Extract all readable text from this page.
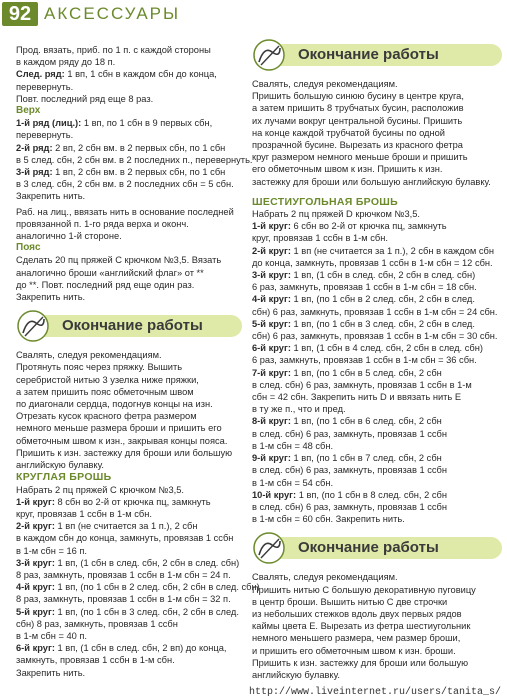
92 АКСЕССУАРЫ

Прод. вязать, приб. по 1 п. с каждой стороны

в каждом ряду до 18 п.

След. ряд: 1 вп, 1 сбн в каждом сбн до конца,

перевернуть.

Повт. последний ряд еще 8 раз.

Верх

1-й ряд (лиц.): 1 вп, по 1 сбн в 9 первых сбн,

перевернуть.

2-й ряд: 2 вп, 2 сбн вм. в 2 первых сбн, по 1 сбн

в 5 след. сбн, 2 сбн вм. в 2 последних п., перевернуть.

3-й ряд: 1 вп, 2 сбн вм. в 2 первых сбн, по 1 сбн

в 3 след. сбн, 2 сбн вм. в 2 последних сбн = 5 сбн.

Закрепить нить.

Раб. на лиц., ввязать нить в основание последней

провязанной п. 1-го ряда верха и оконч.

аналогично 1-й стороне.

Пояс

Сделать 20 пц пряжей С крючком №3,5. Вязать

аналогично броши «английский флаг» от **

до **. Повт. последний ряд еще один раз.

Закрепить нить.

Окончание работы

Свалять, следуя рекомендациям.

Протянуть пояс через пряжку. Вышить

серебристой нитью 3 узелка ниже пряжки,

а затем пришить пояс обметочным швом

по диагонали сердца, подогнув концы на изн.

Отрезать кусок красного фетра размером

немного меньше размера броши и пришить его

обметочным швом к изн., закрывая концы пояса.

Пришить к изн. застежку для броши или большую

английскую булавку.

КРУГЛАЯ БРОШЬ

Набрать 2 пц пряжей С крючком №3,5.

1-й круг: 8 сбн во 2-й от крючка пц, замкнуть

круг, провязав 1 ссбн в 1-м сбн.

2-й круг: 1 вп (не считается за 1 п.), 2 сбн

в каждом сбн до конца, замкнуть, провязав 1 ссбн

в 1-м сбн = 16 п.

3-й круг: 1 вп, (1 сбн в след. сбн, 2 сбн в след. сбн)

8 раз, замкнуть, провязав 1 ссбн в 1-м сбн = 24 п.

4-й круг: 1 вп, (по 1 сбн в 2 след. сбн, 2 сбн в след. сбн)

8 раз, замкнуть, провязав 1 ссбн в 1-м сбн = 32 п.

5-й круг: 1 вп, (по 1 сбн в 3 след. сбн, 2 сбн в след.

сбн) 8 раз, замкнуть, провязав 1 ссбн

в 1-м сбн = 40 п.

6-й круг: 1 вп, (1 сбн в след. сбн, 2 вп) до конца,

замкнуть, провязав 1 ссбн в 1-м сбн.

Закрепить нить.

Окончание работы

Свалять, следуя рекомендациям.

Пришить большую синюю бусину в центре круга,

а затем пришить 8 трубчатых бусин, расположив

их лучами вокруг центральной бусины. Пришить

на конце каждой трубчатой бусины по одной

прозрачной бусине. Вырезать из красного фетра

круг размером немного меньше броши и пришить

его обметочным швом к изн. Пришить к изн.

застежку для броши или большую английскую булавку.

ШЕСТИУГОЛЬНАЯ БРОШЬ

Набрать 2 пц пряжей D крючком №3,5.

1-й круг: 6 сбн во 2-й от крючка пц, замкнуть

круг, провязав 1 ссбн в 1-м сбн.

2-й круг: 1 вп (не считается за 1 п.), 2 сбн в каждом сбн

до конца, замкнуть, провязав 1 ссбн в 1-м сбн = 12 сбн.

3-й круг: 1 вп, (1 сбн в след. сбн, 2 сбн в след. сбн)

6 раз, замкнуть, провязав 1 ссбн в 1-м сбн = 18 сбн.

4-й круг: 1 вп, (по 1 сбн в 2 след. сбн, 2 сбн в след.

сбн) 6 раз, замкнуть, провязав 1 ссбн в 1-м сбн = 24 сбн.

5-й круг: 1 вп, (по 1 сбн в 3 след. сбн, 2 сбн в след.

сбн) 6 раз, замкнуть, провязав 1 ссбн в 1-м сбн = 30 сбн.

6-й круг: 1 вп, (1 сбн в 4 след. сбн, 2 сбн в след. сбн)

6 раз, замкнуть, провязав 1 ссбн в 1-м сбн = 36 сбн.

7-й круг: 1 вп, (по 1 сбн в 5 след. сбн, 2 сбн

в след. сбн) 6 раз, замкнуть, провязав 1 ссбн в 1-м

сбн = 42 сбн. Закрепить нить D и ввязать нить E

в ту же п., что и пред.

8-й круг: 1 вп, (по 1 сбн в 6 след. сбн, 2 сбн

в след. сбн) 6 раз, замкнуть, провязав 1 ссбн

в 1-м сбн = 48 сбн.

9-й круг: 1 вп, (по 1 сбн в 7 след. сбн, 2 сбн

в след. сбн) 6 раз, замкнуть, провязав 1 ссбн

в 1-м сбн = 54 сбн.

10-й круг: 1 вп, (по 1 сбн в 8 след. сбн, 2 сбн

в след. сбн) 6 раз, замкнуть, провязав 1 ссбн

в 1-м сбн = 60 сбн. Закрепить нить.

Окончание работы

Свалять, следуя рекомендациям.

Пришить нитью С большую декоративную пуговицу

в центр броши. Вышить нитью С две строчки

из небольших стежков вдоль двух первых рядов

каймы цвета E. Вырезать из фетра шестиугольник

немного меньшего размера, чем размер броши,

и пришить его обметочным швом к изн. броши.

Пришить к изн. застежку для броши или большую

английскую булавку.

http://www.liveinternet.ru/users/tanita_s/
